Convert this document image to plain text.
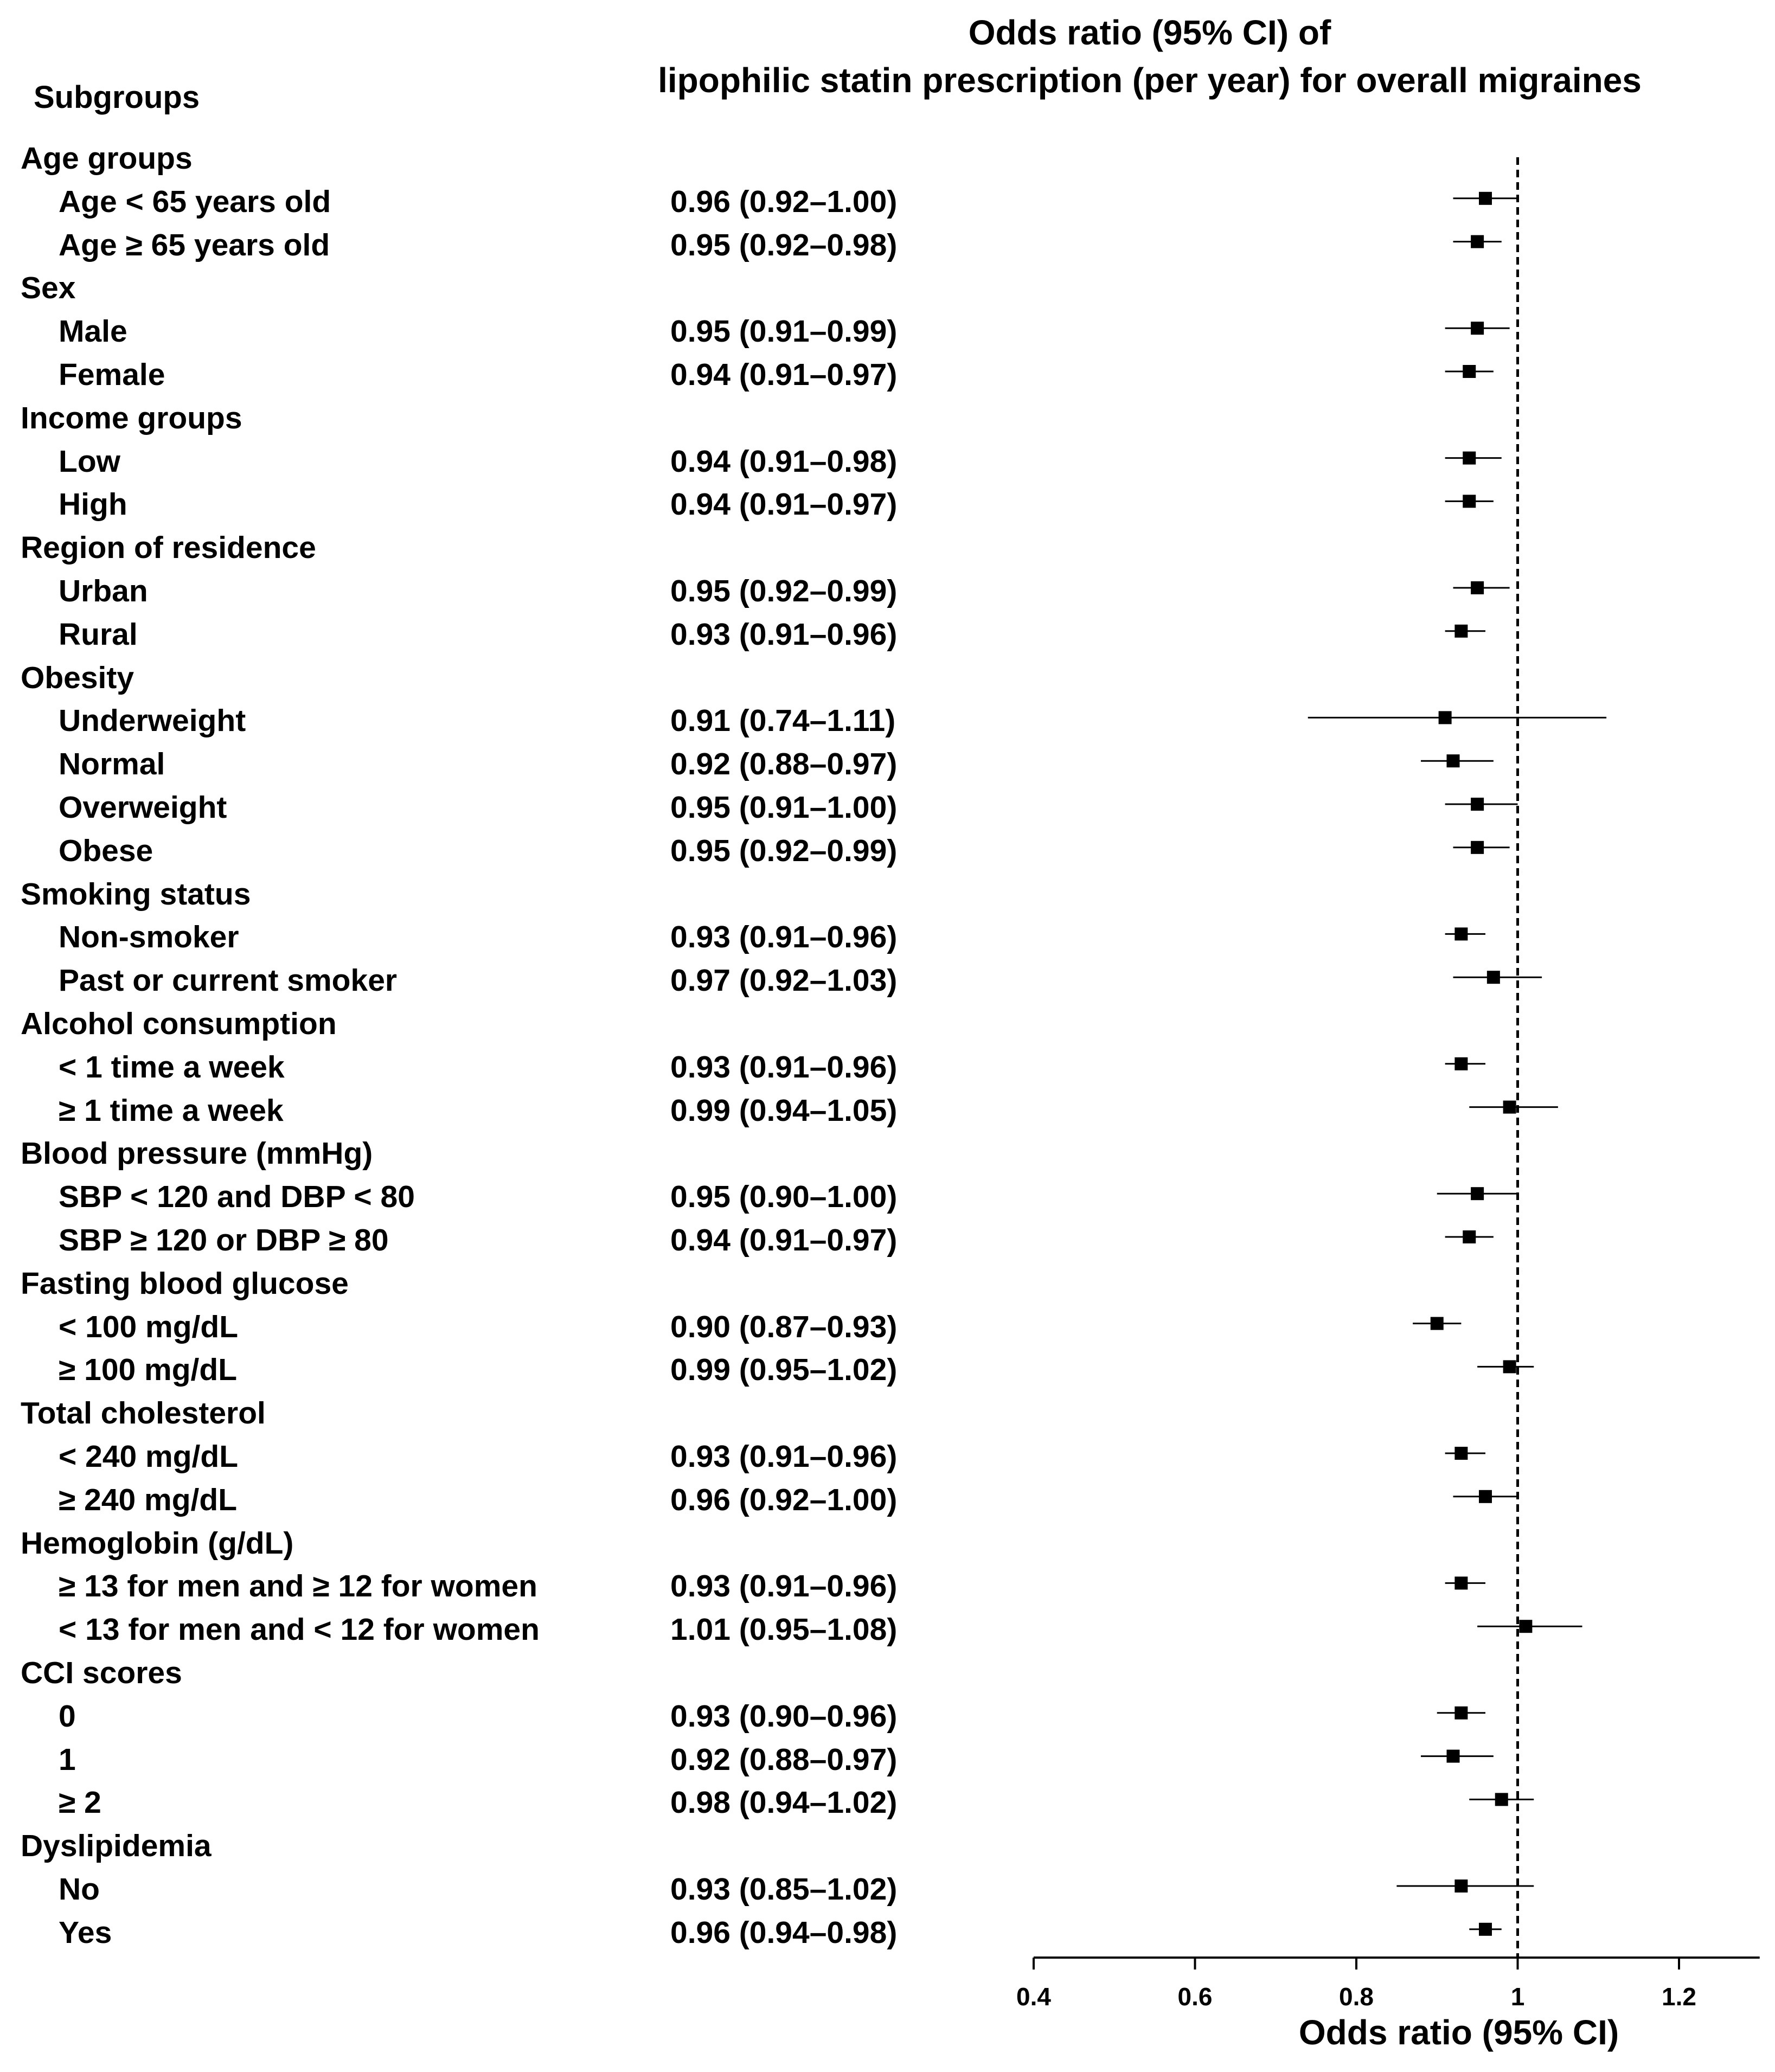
Odds ratio (95% CI) of
lipophilic statin prescription (per year) for overall migraines
Subgroups
Age groups
Age < 65 years old	0.96 (0.92–1.00)
Age ≥ 65 years old	0.95 (0.92–0.98)
Sex
Male	0.95 (0.91–0.99)
Female	0.94 (0.91–0.97)
Income groups
Low	0.94 (0.91–0.98)
High	0.94 (0.91–0.97)
Region of residence
Urban	0.95 (0.92–0.99)
Rural	0.93 (0.91–0.96)
Obesity
Underweight	0.91 (0.74–1.11)
Normal	0.92 (0.88–0.97)
Overweight	0.95 (0.91–1.00)
Obese	0.95 (0.92–0.99)
Smoking status
Non-smoker	0.93 (0.91–0.96)
Past or current smoker	0.97 (0.92–1.03)
Alcohol consumption
< 1 time a week	0.93 (0.91–0.96)
≥ 1 time a week	0.99 (0.94–1.05)
Blood pressure (mmHg)
SBP < 120 and DBP < 80	0.95 (0.90–1.00)
SBP ≥ 120 or DBP ≥ 80	0.94 (0.91–0.97)
Fasting blood glucose
< 100 mg/dL	0.90 (0.87–0.93)
≥ 100 mg/dL	0.99 (0.95–1.02)
Total cholesterol
< 240 mg/dL	0.93 (0.91–0.96)
≥ 240 mg/dL	0.96 (0.92–1.00)
Hemoglobin (g/dL)
≥ 13 for men and ≥ 12 for women	0.93 (0.91–0.96)
< 13 for men and < 12 for women	1.01 (0.95–1.08)
CCI scores
0	0.93 (0.90–0.96)
1	0.92 (0.88–0.97)
≥ 2	0.98 (0.94–1.02)
Dyslipidemia
No	0.93 (0.85–1.02)
Yes	0.96 (0.94–0.98)
0.4	0.6	0.8	1	1.2
Odds ratio (95% CI)
